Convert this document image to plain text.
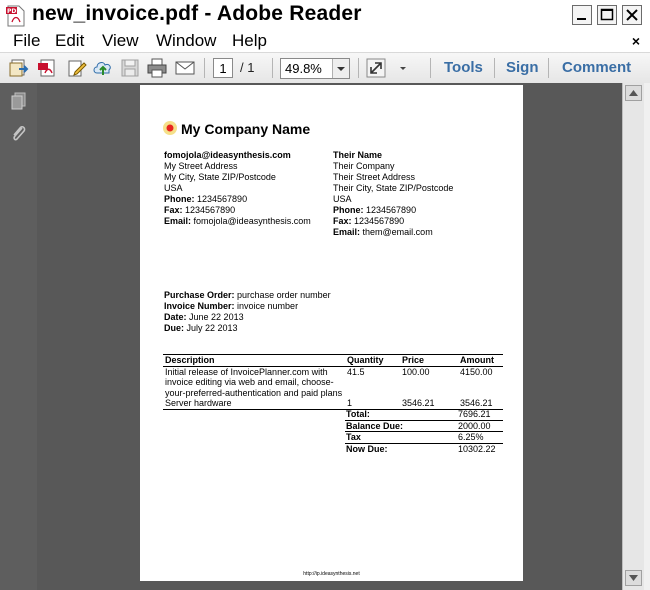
PDF new_invoice.pdf - Adobe Reader
File Edit View Window Help	×
1	/ 1 49.8%	Tools Sign Comment
My Company Name
fomojola@ideasynthesis.com
My Street Address
My City, State ZIP/Postcode
USA
Phone: 1234567890
Fax: 1234567890
Email: fomojola@ideasynthesis.com
Their Name
Their Company
Their Street Address
Their City, State ZIP/Postcode
USA
Phone: 1234567890
Fax: 1234567890
Email: them@email.com
Purchase Order: purchase order number
Invoice Number: invoice number
Date: June 22 2013
Due: July 22 2013
Description	Quantity	Price	Amount

Initial release of InvoicePlanner.com with
invoice editing via web and email, choose-
your-preferred-authentication and paid plans	41.5	100.00	4150.00

Server hardware	1	3546.21	3546.21
Total:	7696.21
Balance Due:	2000.00
Tax	6.25%
Now Due:	10302.22
http://ip.ideasynthesis.net
